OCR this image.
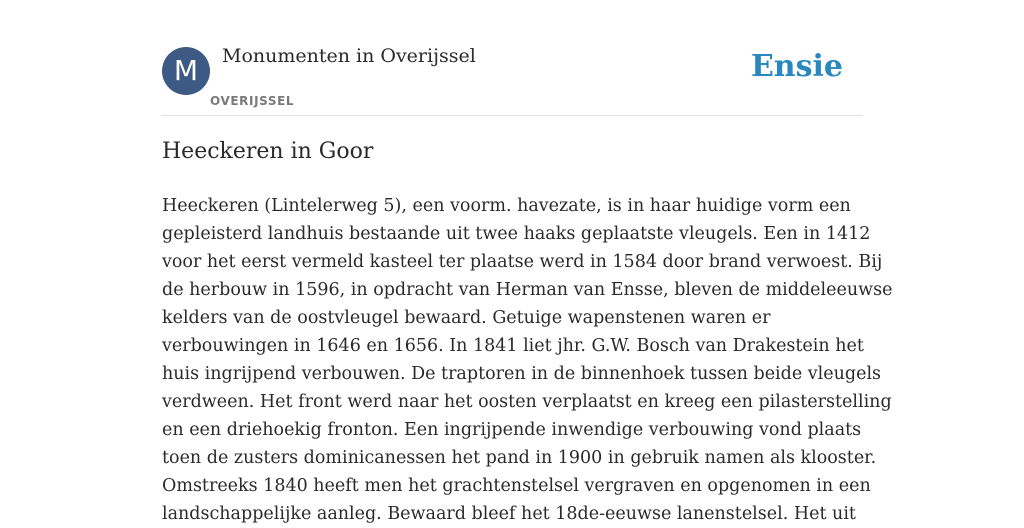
M	Monumenten in Overijssel
OVERIJSSEL
Ensie
Heeckeren in Goor
Heeckeren (Lintelerweg 5), een voorm. havezate, is in haar huidige vorm een
gepleisterd landhuis bestaande uit twee haaks geplaatste vleugels. Een in 1412
voor het eerst vermeld kasteel ter plaatse werd in 1584 door brand verwoest. Bij
de herbouw in 1596, in opdracht van Herman van Ensse, bleven de middeleeuwse
kelders van de oostvleugel bewaard. Getuige wapenstenen waren er
verbouwingen in 1646 en 1656. In 1841 liet jhr. G.W. Bosch van Drakestein het
huis ingrijpend verbouwen. De traptoren in de binnenhoek tussen beide vleugels
verdween. Het front werd naar het oosten verplaatst en kreeg een pilasterstelling
en een driehoekig fronton. Een ingrijpende inwendige verbouwing vond plaats
toen de zusters dominicanessen het pand in 1900 in gebruik namen als klooster.
Omstreeks 1840 heeft men het grachtenstelsel vergraven en opgenomen in een
landschappelijke aanleg. Bewaard bleef het 18de-eeuwse lanenstelsel. Het uit
